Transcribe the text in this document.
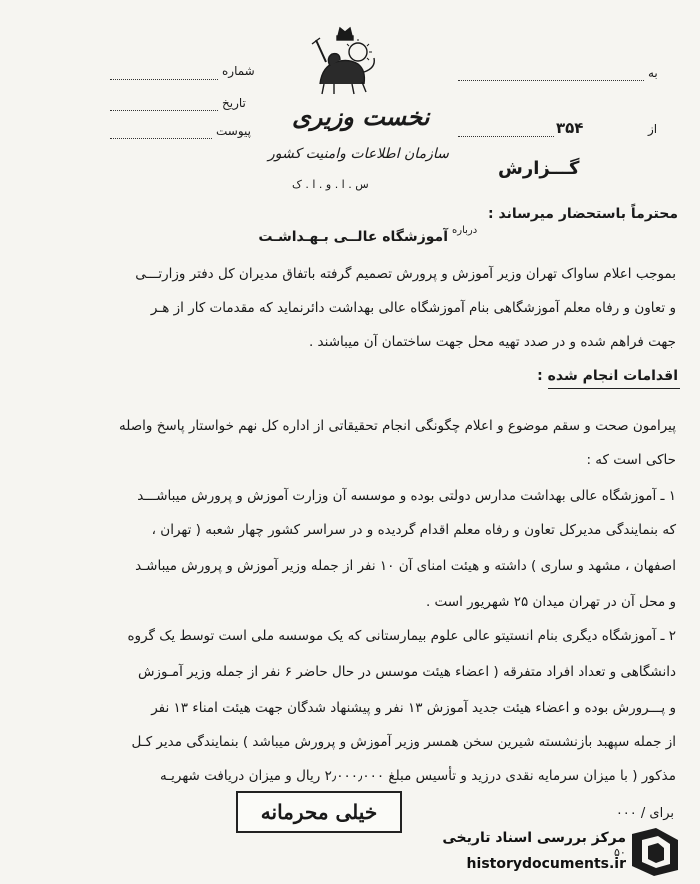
شماره
تاریخ
پیوست
به
از
۳۵۴
نخست وزیری
سازمان اطلاعات وامنیت کشور
س . ا . و . ا . ک
گـــزارش
محترماً باستحضار میرساند :
درباره
آموزشگاه عالــی بـهـداشـت
بموجب اعلام ساواک تهران وزیر آموزش و پرورش تصمیم گرفته باتفاق مدیران کل دفتر وزارتـــی
و تعاون و رفاه معلم آموزشگاهی بنام آموزشگاه عالی بهداشت دائرنماید که مقدمات کار از هـر
جهت فراهم شده و در صدد تهیه محل جهت ساختمان آن میباشند .
اقدامات انجام شده :
پیرامون صحت و سقم موضوع و اعلام چگونگی انجام تحقیقاتی از اداره کل نهم خواستار پاسخ واصله
حاکی است که :
۱ ـ آموزشگاه عالی بهداشت مدارس دولتی بوده و موسسه آن وزارت آموزش و پرورش میباشـــد
که بنمایندگی مدیرکل تعاون و رفاه معلم اقدام گردیده و در سراسر کشور چهار شعبه ( تهران ،
اصفهان ، مشهد و ساری ) داشته و هیئت امنای آن ۱۰ نفر از جمله وزیر آموزش و پرورش میباشـد
و محل آن در تهران میدان ۲۵ شهریور است .
۲ ـ آموزشگاه دیگری بنام انستیتو عالی علوم بیمارستانی که یک موسسه ملی است توسط یک گروه
دانشگاهی و تعداد افراد متفرقه ( اعضاء هیئت موسس در حال حاضر ۶ نفر از جمله وزیر آمـوزش
و پـــرورش بوده و اعضاء هیئت جدید آموزش ۱۳ نفر و پیشنهاد شدگان جهت هیئت امناء ۱۳ نفر
از جمله سپهبد بازنشسته شیرین سخن همسر وزیر آموزش و پرورش میباشد ) بنمایندگی مدیر کـل
مذکور ( با میزان سرمایه نقدی درزید و تأسیس مبلغ ۲٫۰۰۰٫۰۰۰ ریال و میزان دریافت شهریـه
برای / ۰۰۰
خیلی محرمانه
مرکز بررسی اسناد تاریخی
historydocuments.ir
۵۰
